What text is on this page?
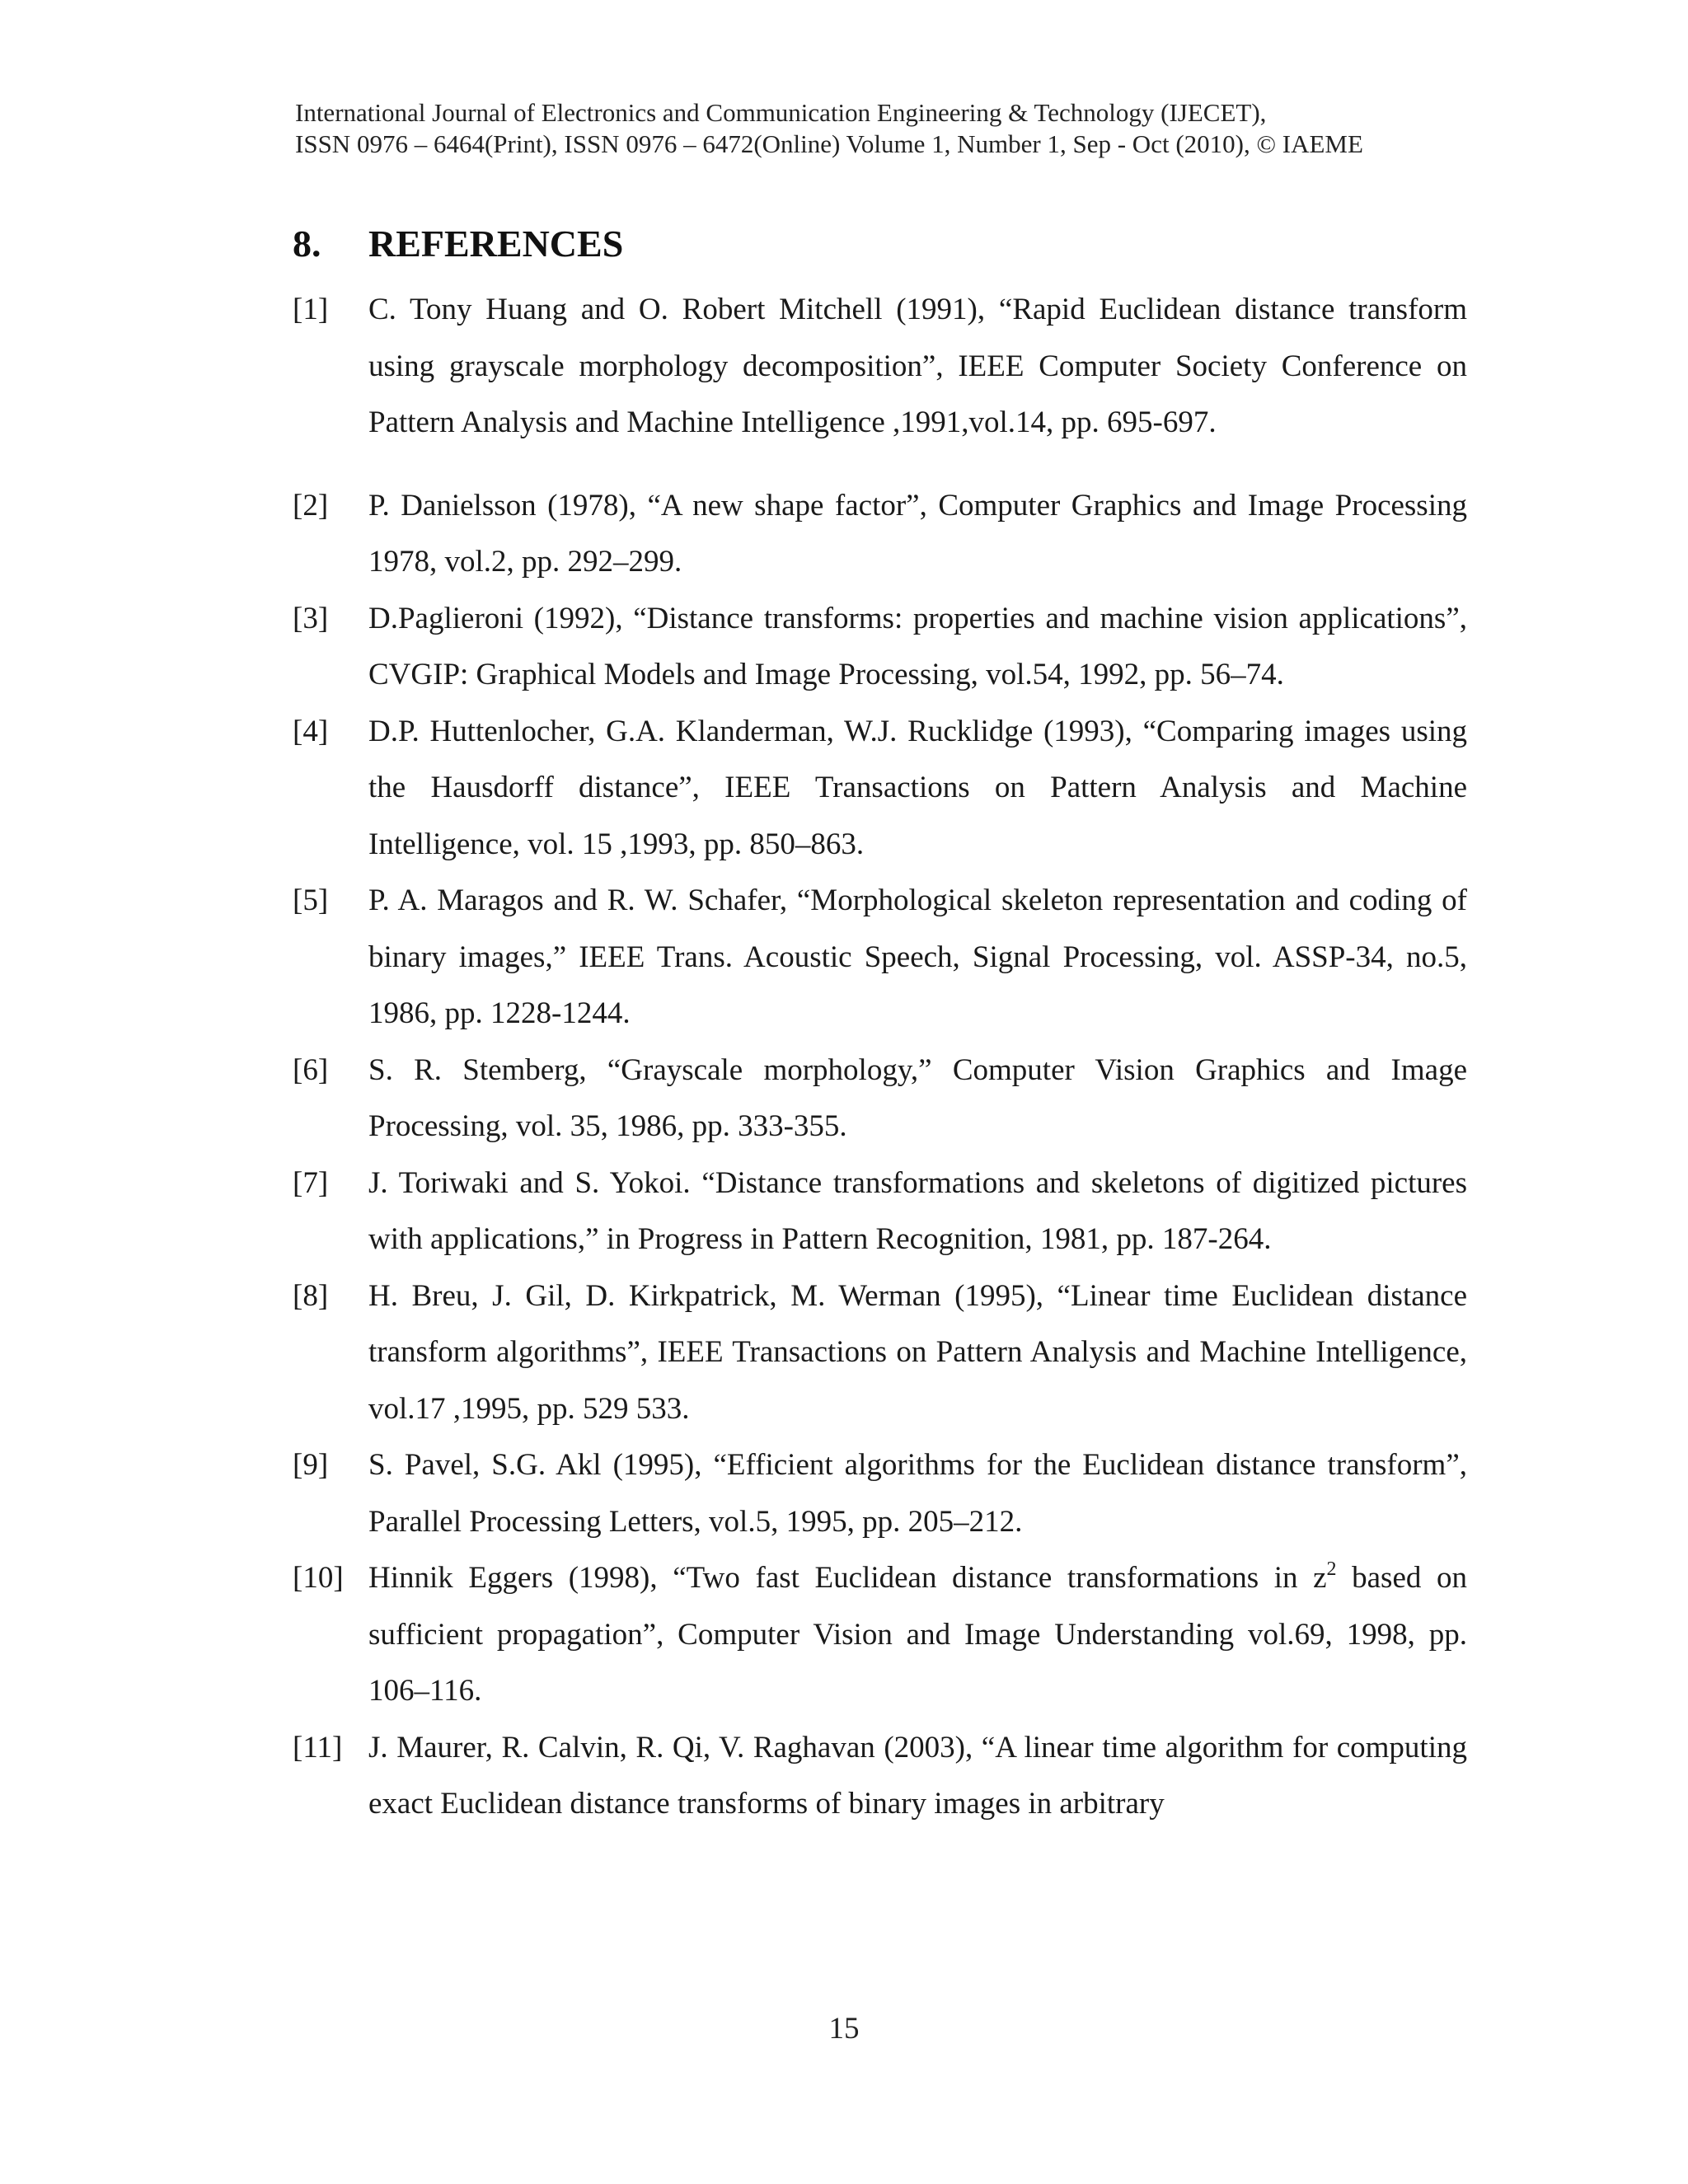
International Journal of Electronics and Communication Engineering & Technology (IJECET),
ISSN 0976 – 6464(Print), ISSN 0976 – 6472(Online) Volume 1, Number 1, Sep - Oct (2010), © IAEME
8. REFERENCES
[1] C. Tony Huang and O. Robert Mitchell (1991), “Rapid Euclidean distance transform using grayscale morphology decomposition”, IEEE Computer Society Conference on Pattern Analysis and Machine Intelligence ,1991,vol.14, pp. 695-697.
[2] P. Danielsson (1978), “A new shape factor”, Computer Graphics and Image Processing 1978, vol.2, pp. 292–299.
[3] D.Paglieroni (1992), “Distance transforms: properties and machine vision applications”, CVGIP: Graphical Models and Image Processing, vol.54, 1992, pp. 56–74.
[4] D.P. Huttenlocher, G.A. Klanderman, W.J. Rucklidge (1993), “Comparing images using the Hausdorff distance”, IEEE Transactions on Pattern Analysis and Machine Intelligence, vol. 15 ,1993, pp. 850–863.
[5] P. A. Maragos and R. W. Schafer, “Morphological skeleton representation and coding of binary images,” IEEE Trans. Acoustic Speech, Signal Processing, vol. ASSP-34, no.5, 1986, pp. 1228-1244.
[6] S. R. Stemberg, “Grayscale morphology,” Computer Vision Graphics and Image Processing, vol. 35, 1986, pp. 333-355.
[7] J. Toriwaki and S. Yokoi. “Distance transformations and skeletons of digitized pictures with applications,” in Progress in Pattern Recognition, 1981, pp. 187-264.
[8] H. Breu, J. Gil, D. Kirkpatrick, M. Werman (1995), “Linear time Euclidean distance transform algorithms”, IEEE Transactions on Pattern Analysis and Machine Intelligence, vol.17 ,1995, pp. 529 533.
[9] S. Pavel, S.G. Akl (1995), “Efficient algorithms for the Euclidean distance transform”, Parallel Processing Letters, vol.5, 1995, pp. 205–212.
[10] Hinnik Eggers (1998), “Two fast Euclidean distance transformations in $z^2$ based on sufficient propagation”, Computer Vision and Image Understanding vol.69, 1998, pp. 106–116.
[11] J. Maurer, R. Calvin, R. Qi, V. Raghavan (2003), “A linear time algorithm for computing exact Euclidean distance transforms of binary images in arbitrary
15
